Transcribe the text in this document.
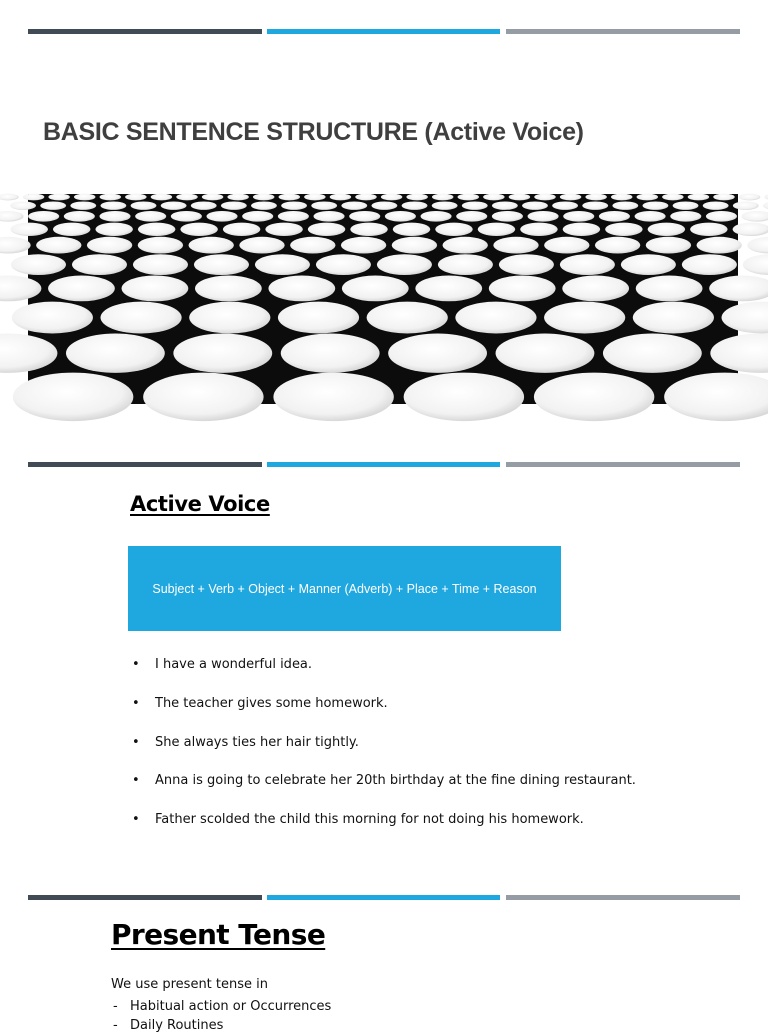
BASIC SENTENCE STRUCTURE (Active Voice)
Active Voice
Subject + Verb + Object + Manner (Adverb) + Place + Time + Reason
• I have a wonderful idea.
• The teacher gives some homework.
• She always ties her hair tightly.
• Anna is going to celebrate her 20th birthday at the fine dining restaurant.
• Father scolded the child this morning for not doing his homework.
Present Tense
We use present tense in
- Habitual action or Occurrences
- Daily Routines
